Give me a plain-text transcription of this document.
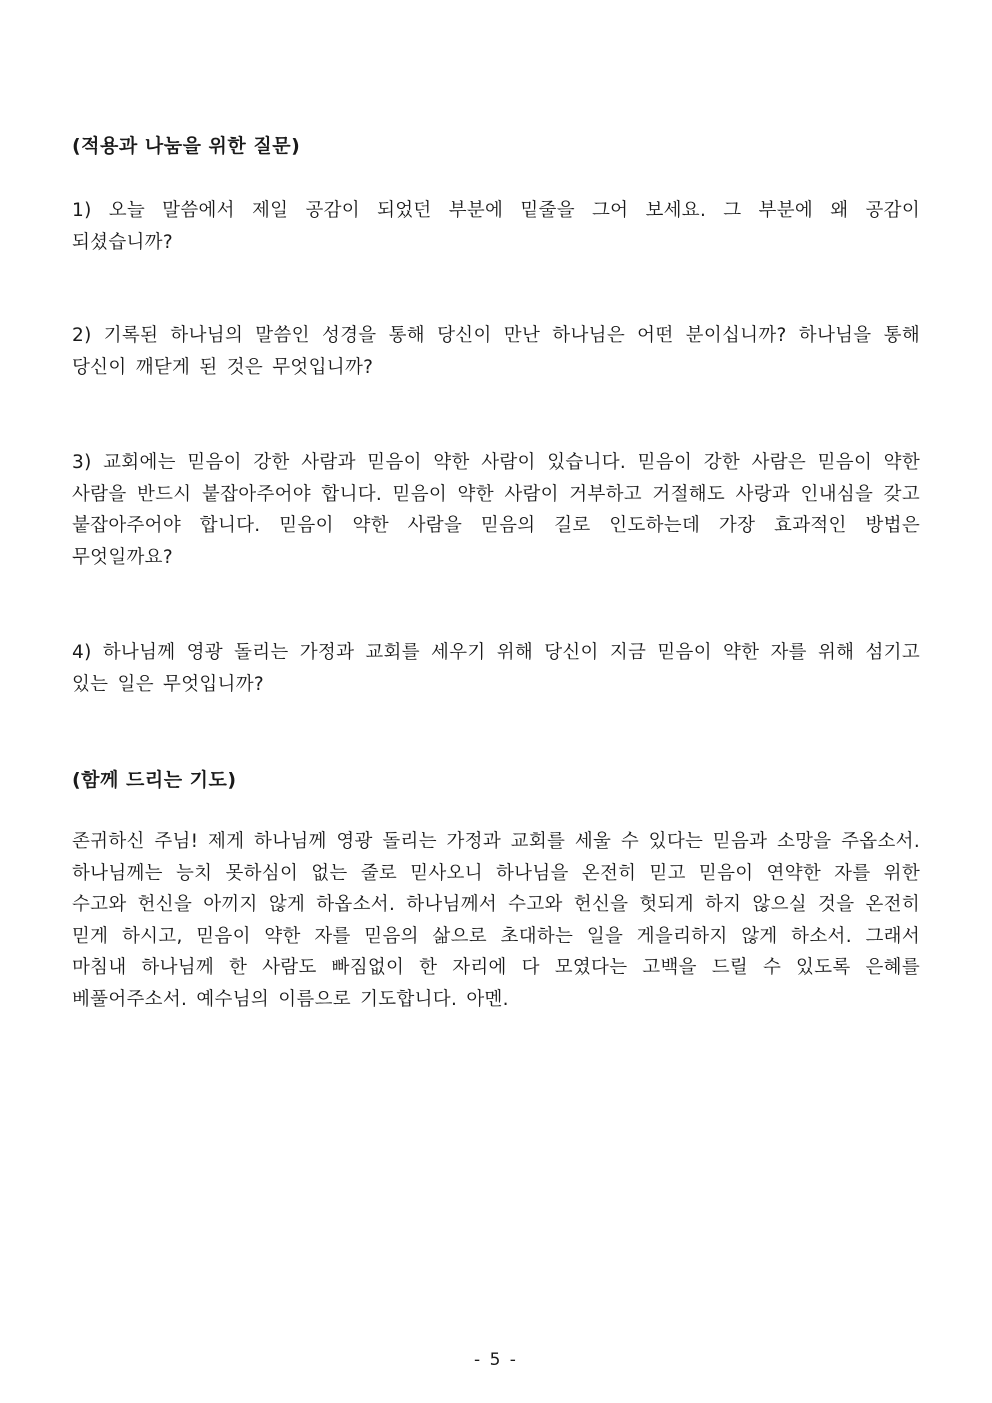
(적용과 나눔을 위한 질문)
1) 오늘 말씀에서 제일 공감이 되었던 부분에 밑줄을 그어 보세요. 그 부분에 왜 공감이 되셨습니까?
2) 기록된 하나님의 말씀인 성경을 통해 당신이 만난 하나님은 어떤 분이십니까? 하나님을 통해 당신이 깨닫게 된 것은 무엇입니까?
3) 교회에는 믿음이 강한 사람과 믿음이 약한 사람이 있습니다. 믿음이 강한 사람은 믿음이 약한 사람을 반드시 붙잡아주어야 합니다. 믿음이 약한 사람이 거부하고 거절해도 사랑과 인내심을 갖고 붙잡아주어야 합니다. 믿음이 약한 사람을 믿음의 길로 인도하는데 가장 효과적인 방법은 무엇일까요?
4) 하나님께 영광 돌리는 가정과 교회를 세우기 위해 당신이 지금 믿음이 약한 자를 위해 섬기고 있는 일은 무엇입니까?
(함께 드리는 기도)
존귀하신 주님! 제게 하나님께 영광 돌리는 가정과 교회를 세울 수 있다는 믿음과 소망을 주옵소서. 하나님께는 능치 못하심이 없는 줄로 믿사오니 하나님을 온전히 믿고 믿음이 연약한 자를 위한 수고와 헌신을 아끼지 않게 하옵소서. 하나님께서 수고와 헌신을 헛되게 하지 않으실 것을 온전히 믿게 하시고, 믿음이 약한 자를 믿음의 삶으로 초대하는 일을 게을리하지 않게 하소서. 그래서 마침내 하나님께 한 사람도 빠짐없이 한 자리에 다 모였다는 고백을 드릴 수 있도록 은혜를 베풀어주소서. 예수님의 이름으로 기도합니다. 아멘.
- 5 -
